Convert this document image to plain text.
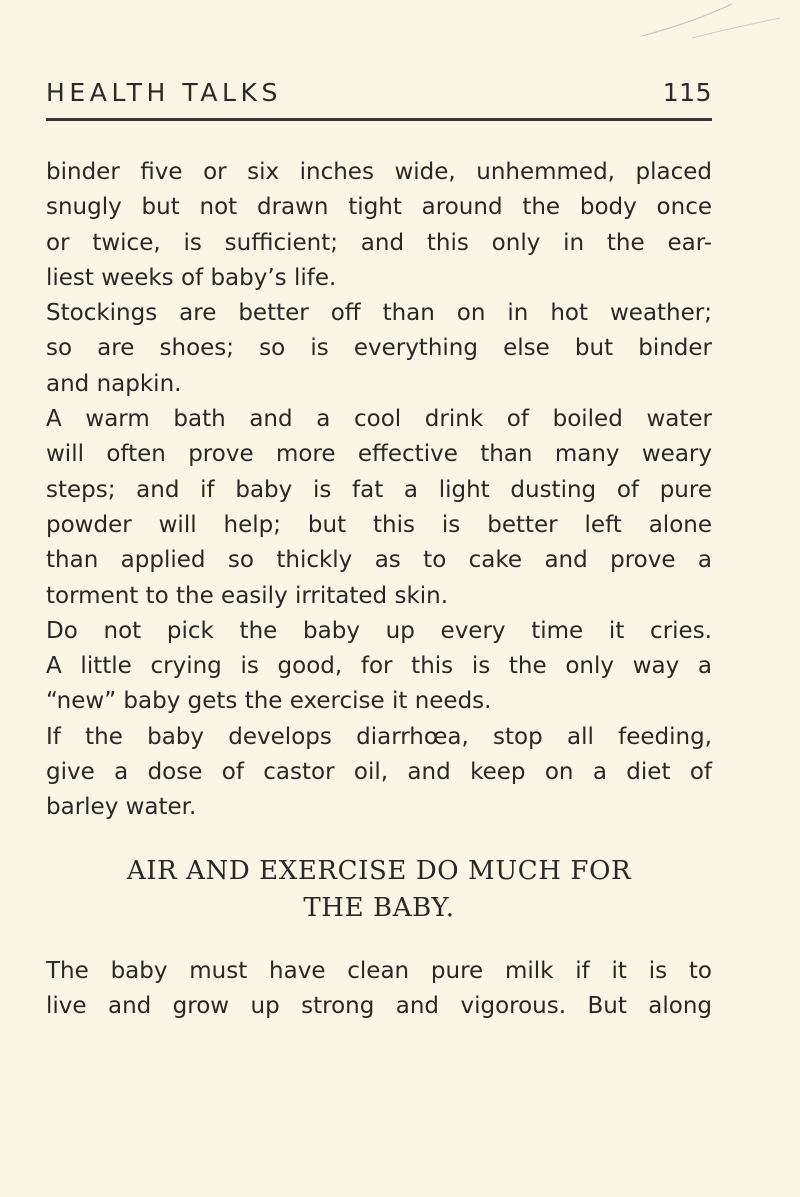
HEALTH TALKS	115
binder five or six inches wide, unhemmed, placed
snugly but not drawn tight around the body once
or twice, is sufficient; and this only in the ear-
liest weeks of baby’s life.
Stockings are better off than on in hot weather;
so are shoes; so is everything else but binder
and napkin.
A warm bath and a cool drink of boiled water
will often prove more effective than many weary
steps; and if baby is fat a light dusting of pure
powder will help; but this is better left alone
than applied so thickly as to cake and prove a
torment to the easily irritated skin.
Do not pick the baby up every time it cries.
A little crying is good, for this is the only way a
“new” baby gets the exercise it needs.
If the baby develops diarrhœa, stop all feeding,
give a dose of castor oil, and keep on a diet of
barley water.
AIR AND EXERCISE DO MUCH FOR
THE BABY.
The baby must have clean pure milk if it is to
live and grow up strong and vigorous. But along
